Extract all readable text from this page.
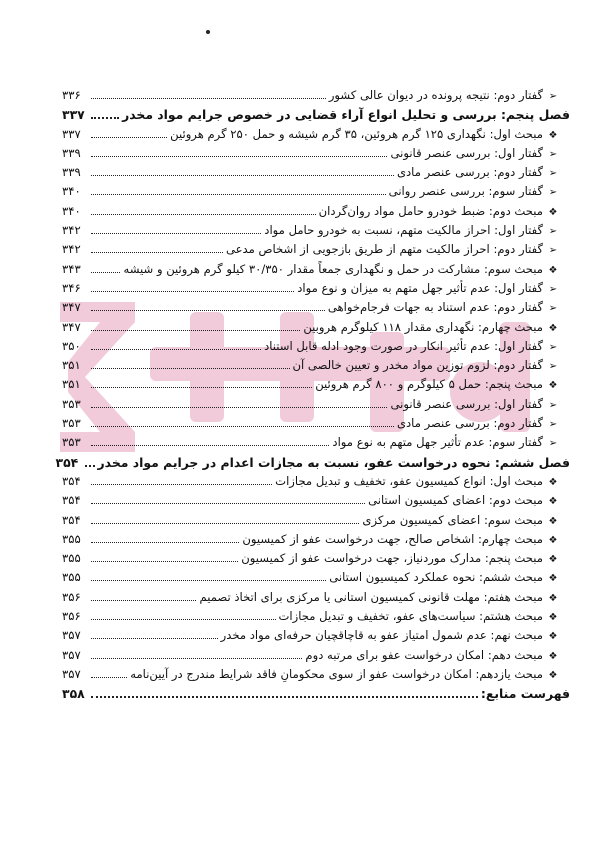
➢گفتار دوم: نتیجه پرونده در دیوان عالی کشور
۳۳۶
فصل پنجم: بررسی و تحلیل انواع آراء قضایی در خصوص جرایم مواد مخدر
۳۳۷
❖مبحث اول: نگهداری ۱۲۵ گرم هروئین، ۳۵ گرم شیشه و حمل ۲۵۰ گرم هروئین
۳۳۷
➢گفتار اول: بررسی عنصر قانونی
۳۳۹
➢گفتار دوم: بررسی عنصر مادی
۳۳۹
➢گفتار سوم: بررسی عنصر روانی
۳۴۰
❖مبحث دوم: ضبط خودرو حامل مواد روان‌گردان
۳۴۰
➢گفتار اول: احراز مالکیت متهم، نسبت به خودرو حامل مواد
۳۴۲
➢گفتار دوم: احراز مالکیت متهم از طریق بازجویی از اشخاص مدعی
۳۴۲
❖مبحث سوم: مشارکت در حمل و نگهداری جمعاً مقدار ۳۰/۳۵۰ کیلو گرم هروئین و شیشه
۳۴۳
➢گفتار اول: عدم تأثیر جهل متهم به میزان و نوع مواد
۳۴۶
➢گفتار دوم: عدم استناد به جهات فرجام‌خواهی
۳۴۷
❖مبحث چهارم: نگهداری مقدار ۱۱۸ کیلوگرم هروبین
۳۴۷
➢گفتار اول: عدم تأثیر انکار در صورت وجود ادله قابل استناد
۳۵۰
➢گفتار دوم: لزوم توزین مواد مخدر و تعیین خالصی آن
۳۵۱
❖مبحث پنجم: حمل ۵ کیلوگرم و ۸۰۰ گرم هروئین
۳۵۱
➢گفتار اول: بررسی عنصر قانونی
۳۵۳
➢گفتار دوم: بررسی عنصر مادی
۳۵۳
➢گفتار سوم: عدم تأثیر جهل متهم به نوع مواد
۳۵۳
فصل ششم: نحوه درخواست عفو، نسبت به مجازات اعدام در جرایم مواد مخدر
۳۵۴
❖مبحث اول: انواع کمیسیون عفو، تخفیف و تبدیل مجازات
۳۵۴
❖مبحث دوم: اعضای کمیسیون استانی
۳۵۴
❖مبحث سوم: اعضای کمیسیون مرکزی
۳۵۴
❖مبحث چهارم: اشخاص صالح، جهت درخواست عفو از کمیسیون
۳۵۵
❖مبحث پنجم: مدارک موردنیاز، جهت درخواست عفو از کمیسیون
۳۵۵
❖مبحث ششم: نحوه عملکرد کمیسیون استانی
۳۵۵
❖مبحث هفتم: مهلت قانونی کمیسیون استانی یا مرکزی برای اتخاذ تصمیم
۳۵۶
❖مبحث هشتم: سیاست‌های عفو، تخفیف و تبدیل مجازات
۳۵۶
❖مبحث نهم: عدم شمول امتیاز عفو به قاچاقچیان حرفه‌ای مواد مخدر
۳۵۷
❖مبحث دهم: امکان درخواست عفو برای مرتبه دوم
۳۵۷
❖مبحث یازدهم: امکان درخواست عفو از سوی محکومانِ فاقد شرایط مندرج در آیین‌نامه
۳۵۷
فهرست منابع:
۳۵۸
